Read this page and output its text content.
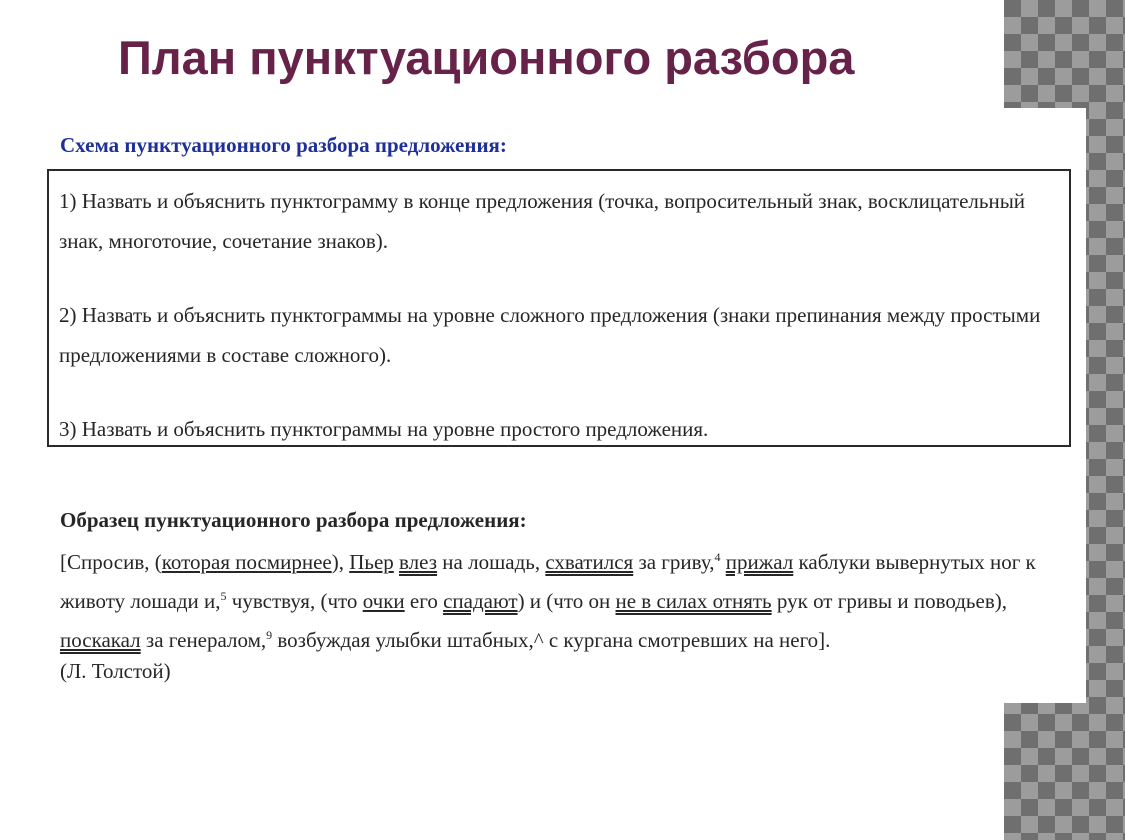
План пунктуационного разбора
Схема пунктуационного разбора предложения:

1) Назвать и объяснить пунктограмму в конце предложения (точка, вопросительный знак, восклицательный знак, многоточие, сочетание знаков).

2) Назвать и объяснить пунктограммы на уровне сложного предложения (знаки препинания между простыми предложениями в составе сложного).

3) Назвать и объяснить пунктограммы на уровне простого предложения.

Образец пунктуационного разбора предложения:

[Спросив, (которая посмирнее), Пьер влез на лошадь, схватился за гриву,$^4$ прижал каблуки вывернутых ног к животу лошади и,$^5$ чувствуя, (что очки его спадают) и (что он не в силах отнять рук от гривы и поводьев), поскакал за генералом,$^9$ возбуждая улыбки штабных,^ с кургана смотревших на него].

(Л. Толстой)
